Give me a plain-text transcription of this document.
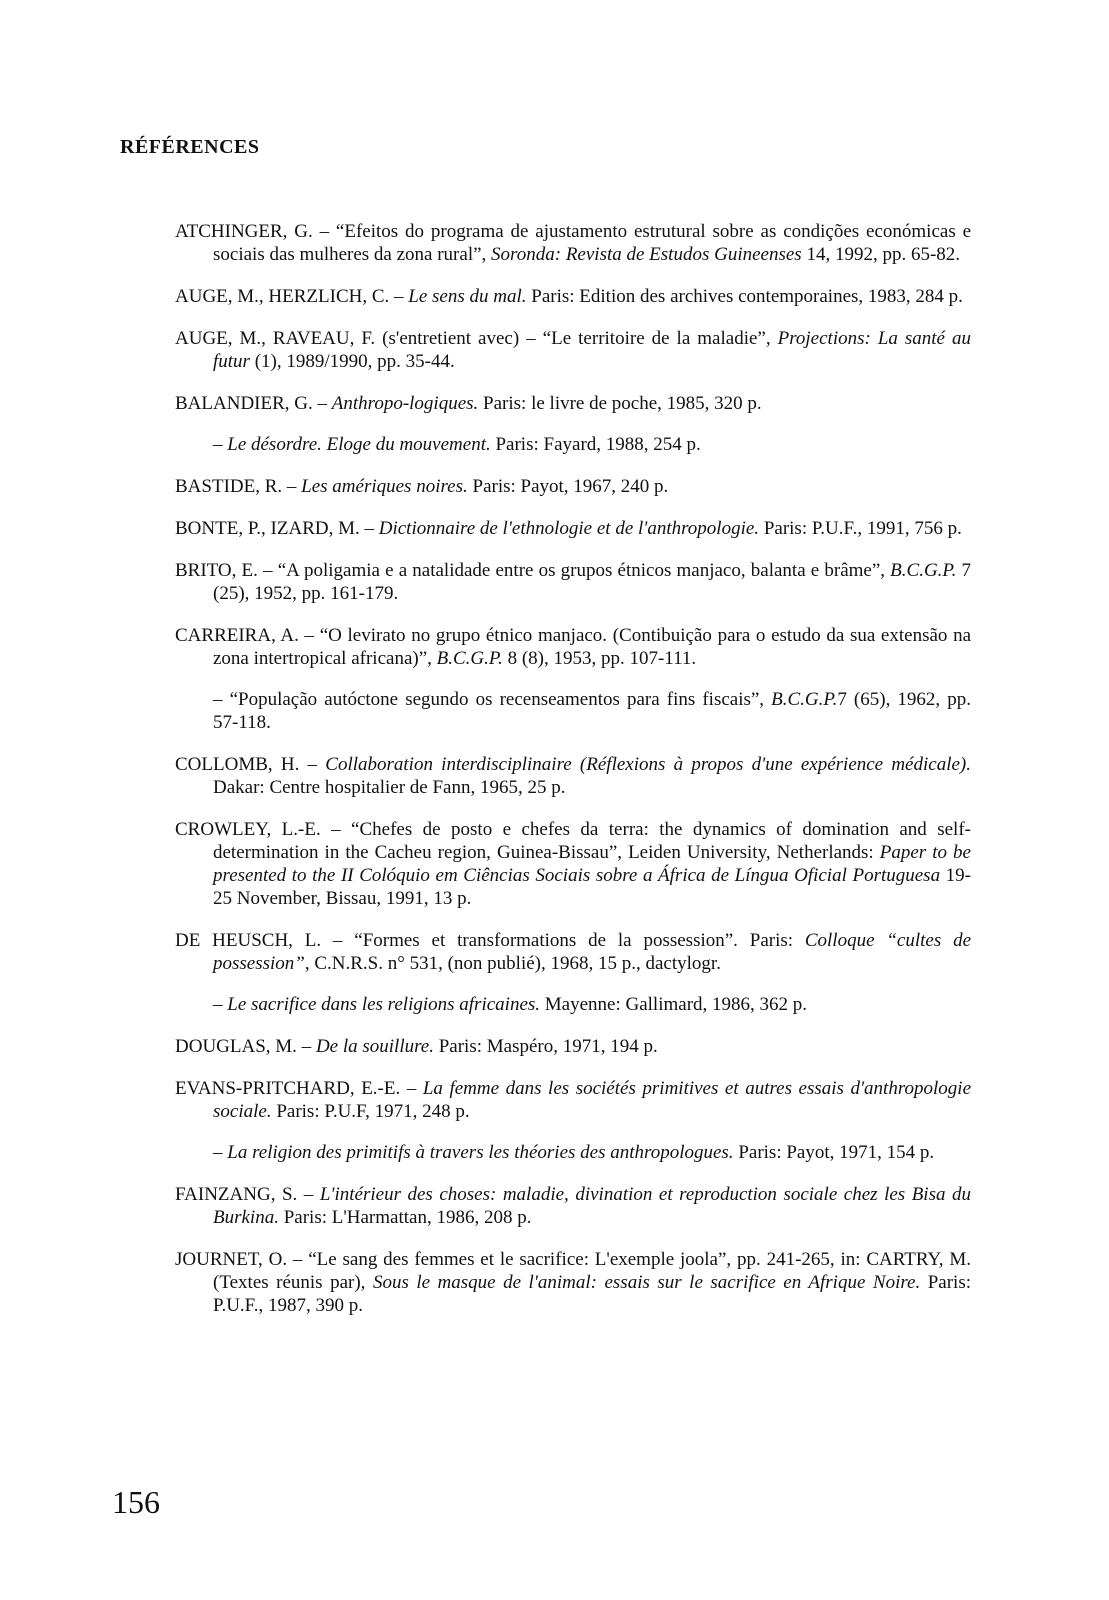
RÉFÉRENCES

ATCHINGER, G. – “Efeitos do programa de ajustamento estrutural sobre as condições económicas e sociais das mulheres da zona rural”, Soronda: Revista de Estudos Guineenses 14, 1992, pp. 65-82.

AUGE, M., HERZLICH, C. – Le sens du mal. Paris: Edition des archives contemporaines, 1983, 284 p.

AUGE, M., RAVEAU, F. (s'entretient avec) – “Le territoire de la maladie”, Projections: La santé au futur (1), 1989/1990, pp. 35-44.

BALANDIER, G. – Anthropo-logiques. Paris: le livre de poche, 1985, 320 p.

– Le désordre. Eloge du mouvement. Paris: Fayard, 1988, 254 p.

BASTIDE, R. – Les amériques noires. Paris: Payot, 1967, 240 p.

BONTE, P., IZARD, M. – Dictionnaire de l'ethnologie et de l'anthropologie. Paris: P.U.F., 1991, 756 p.

BRITO, E. – “A poligamia e a natalidade entre os grupos étnicos manjaco, balanta e brâme”, B.C.G.P. 7 (25), 1952, pp. 161-179.

CARREIRA, A. – “O levirato no grupo étnico manjaco. (Contibuição para o estudo da sua extensão na zona intertropical africana)”, B.C.G.P. 8 (8), 1953, pp. 107-111.

– “População autóctone segundo os recenseamentos para fins fiscais”, B.C.G.P.7 (65), 1962, pp. 57-118.

COLLOMB, H. – Collaboration interdisciplinaire (Réflexions à propos d'une expérience médicale). Dakar: Centre hospitalier de Fann, 1965, 25 p.

CROWLEY, L.-E. – “Chefes de posto e chefes da terra: the dynamics of domination and self-determination in the Cacheu region, Guinea-Bissau”, Leiden University, Netherlands: Paper to be presented to the II Colóquio em Ciências Sociais sobre a África de Língua Oficial Portuguesa 19-25 November, Bissau, 1991, 13 p.

DE HEUSCH, L. – “Formes et transformations de la possession”. Paris: Colloque “cultes de possession”, C.N.R.S. n° 531, (non publié), 1968, 15 p., dactylogr.

– Le sacrifice dans les religions africaines. Mayenne: Gallimard, 1986, 362 p.

DOUGLAS, M. – De la souillure. Paris: Maspéro, 1971, 194 p.

EVANS-PRITCHARD, E.-E. – La femme dans les sociétés primitives et autres essais d'anthropologie sociale. Paris: P.U.F, 1971, 248 p.

– La religion des primitifs à travers les théories des anthropologues. Paris: Payot, 1971, 154 p.

FAINZANG, S. – L'intérieur des choses: maladie, divination et reproduction sociale chez les Bisa du Burkina. Paris: L'Harmattan, 1986, 208 p.

JOURNET, O. – “Le sang des femmes et le sacrifice: L'exemple joola”, pp. 241-265, in: CARTRY, M. (Textes réunis par), Sous le masque de l'animal: essais sur le sacrifice en Afrique Noire. Paris: P.U.F., 1987, 390 p.

156
